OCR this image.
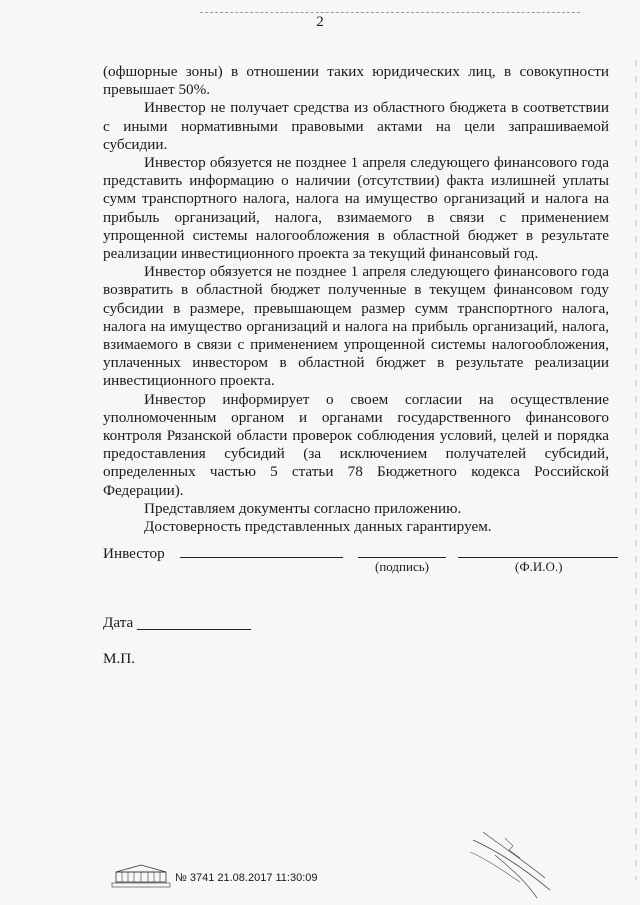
2

(офшорные зоны) в отношении таких юридических лиц, в совокупности превышает 50%.

Инвестор не получает средства из областного бюджета в соответствии с иными нормативными правовыми актами на цели запрашиваемой субсидии.

Инвестор обязуется не позднее 1 апреля следующего финансового года представить информацию о наличии (отсутствии) факта излишней уплаты сумм транспортного налога, налога на имущество организаций и налога на прибыль организаций, налога, взимаемого в связи с применением упрощенной системы налогообложения в областной бюджет в результате реализации инвестиционного проекта за текущий финансовый год.

Инвестор обязуется не позднее 1 апреля следующего финансового года возвратить в областной бюджет полученные в текущем финансовом году субсидии в размере, превышающем размер сумм транспортного налога, налога на имущество организаций и налога на прибыль организаций, налога, взимаемого в связи с применением упрощенной системы налогообложения, уплаченных инвестором в областной бюджет в результате реализации инвестиционного проекта.

Инвестор информирует о своем согласии на осуществление уполномоченным органом и органами государственного финансового контроля Рязанской области проверок соблюдения условий, целей и порядка предоставления субсидий (за исключением получателей субсидий, определенных частью 5 статьи 78 Бюджетного кодекса Российской Федерации).

Представляем документы согласно приложению.

Достоверность представленных данных гарантируем.

Инвестор
(подпись)	(Ф.И.О.)
Дата
М.П.
№ 3741 21.08.2017 11:30:09
